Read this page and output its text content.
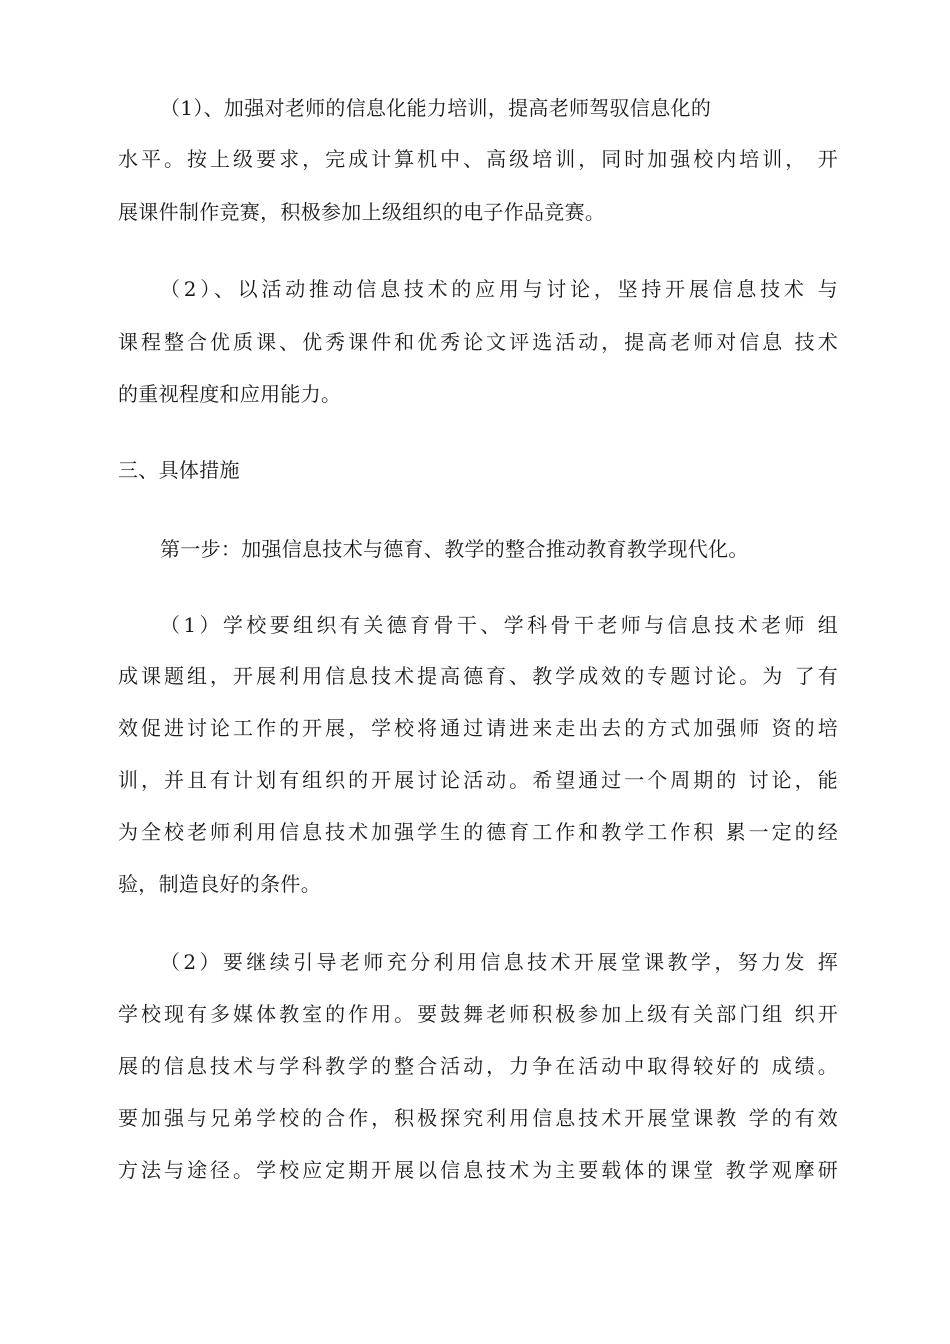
（1）、加强对老师的信息化能力培训，提高老师驾驭信息化的
水平。按上级要求，完成计算机中、高级培训，同时加强校内培训， 开
展课件制作竞赛，积极参加上级组织的电子作品竞赛。
（2）、以活动推动信息技术的应用与讨论，坚持开展信息技术 与
课程整合优质课、优秀课件和优秀论文评选活动，提高老师对信息 技术
的重视程度和应用能力。
三、具体措施
第一步：加强信息技术与德育、教学的整合推动教育教学现代化。
（1）学校要组织有关德育骨干、学科骨干老师与信息技术老师 组
成课题组，开展利用信息技术提高德育、教学成效的专题讨论。为 了有
效促进讨论工作的开展，学校将通过请进来走出去的方式加强师 资的培
训，并且有计划有组织的开展讨论活动。希望通过一个周期的 讨论，能
为全校老师利用信息技术加强学生的德育工作和教学工作积 累一定的经
验，制造良好的条件。
（2）要继续引导老师充分利用信息技术开展堂课教学，努力发 挥
学校现有多媒体教室的作用。要鼓舞老师积极参加上级有关部门组 织开
展的信息技术与学科教学的整合活动，力争在活动中取得较好的 成绩。
要加强与兄弟学校的合作，积极探究利用信息技术开展堂课教 学的有效
方法与途径。学校应定期开展以信息技术为主要载体的课堂 教学观摩研
